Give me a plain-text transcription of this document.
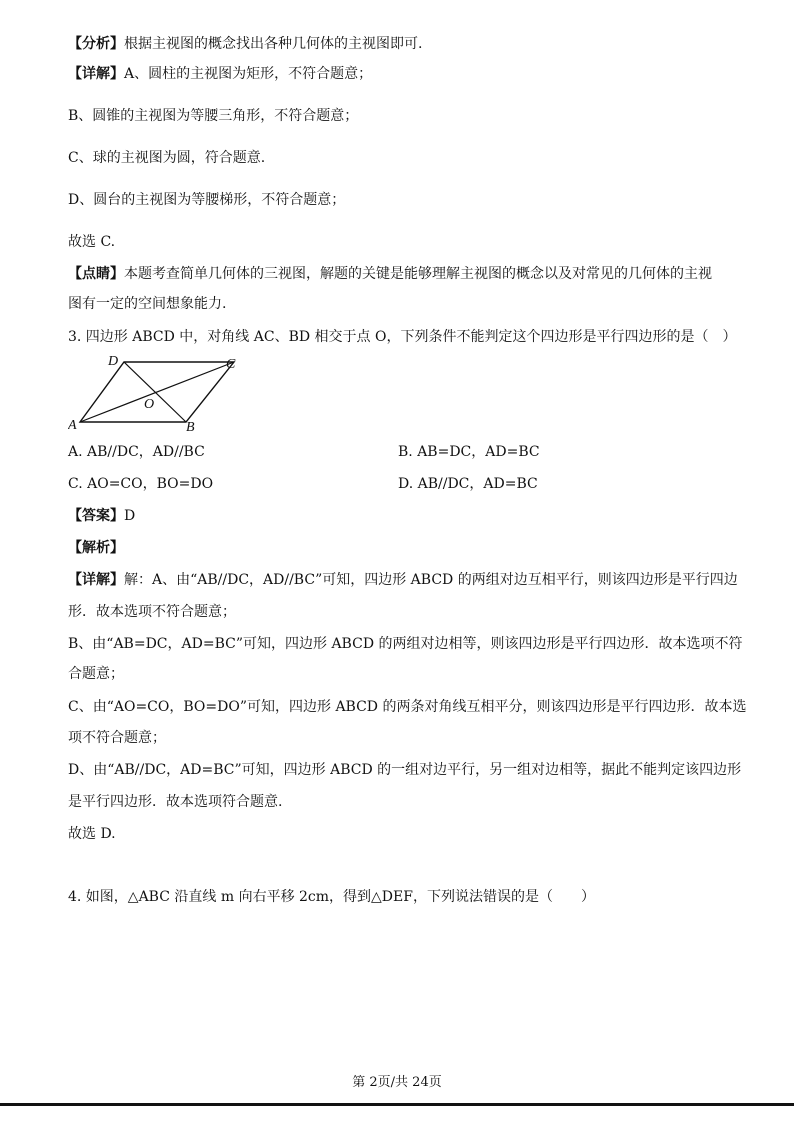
【分析】根据主视图的概念找出各种几何体的主视图即可.
【详解】A、圆柱的主视图为矩形，不符合题意；
B、圆锥的主视图为等腰三角形，不符合题意；
C、球的主视图为圆，符合题意.
D、圆台的主视图为等腰梯形，不符合题意；
故选 C.
【点睛】本题考查简单几何体的三视图，解题的关键是能够理解主视图的概念以及对常见的几何体的主视
图有一定的空间想象能力.
3. 四边形 ABCD 中，对角线 AC、BD 相交于点 O，下列条件不能判定这个四边形是平行四边形的是（　）
A	B
C
D
O
A. AB//DC，AD//BC	B. AB=DC，AD=BC
C. AO=CO，BO=DO	D. AB//DC，AD=BC
【答案】D
【解析】
【详解】解：A、由“AB//DC，AD//BC”可知，四边形 ABCD 的两组对边互相平行，则该四边形是平行四边
形．故本选项不符合题意；
B、由“AB=DC，AD=BC”可知，四边形 ABCD 的两组对边相等，则该四边形是平行四边形．故本选项不符
合题意；
C、由“AO=CO，BO=DO”可知，四边形 ABCD 的两条对角线互相平分，则该四边形是平行四边形．故本选
项不符合题意；
D、由“AB//DC，AD=BC”可知，四边形 ABCD 的一组对边平行，另一组对边相等，据此不能判定该四边形
是平行四边形．故本选项符合题意.
故选 D.
4. 如图，△ABC 沿直线 m 向右平移 2cm，得到△DEF，下列说法错误的是（　　）
第 2页/共 24页
